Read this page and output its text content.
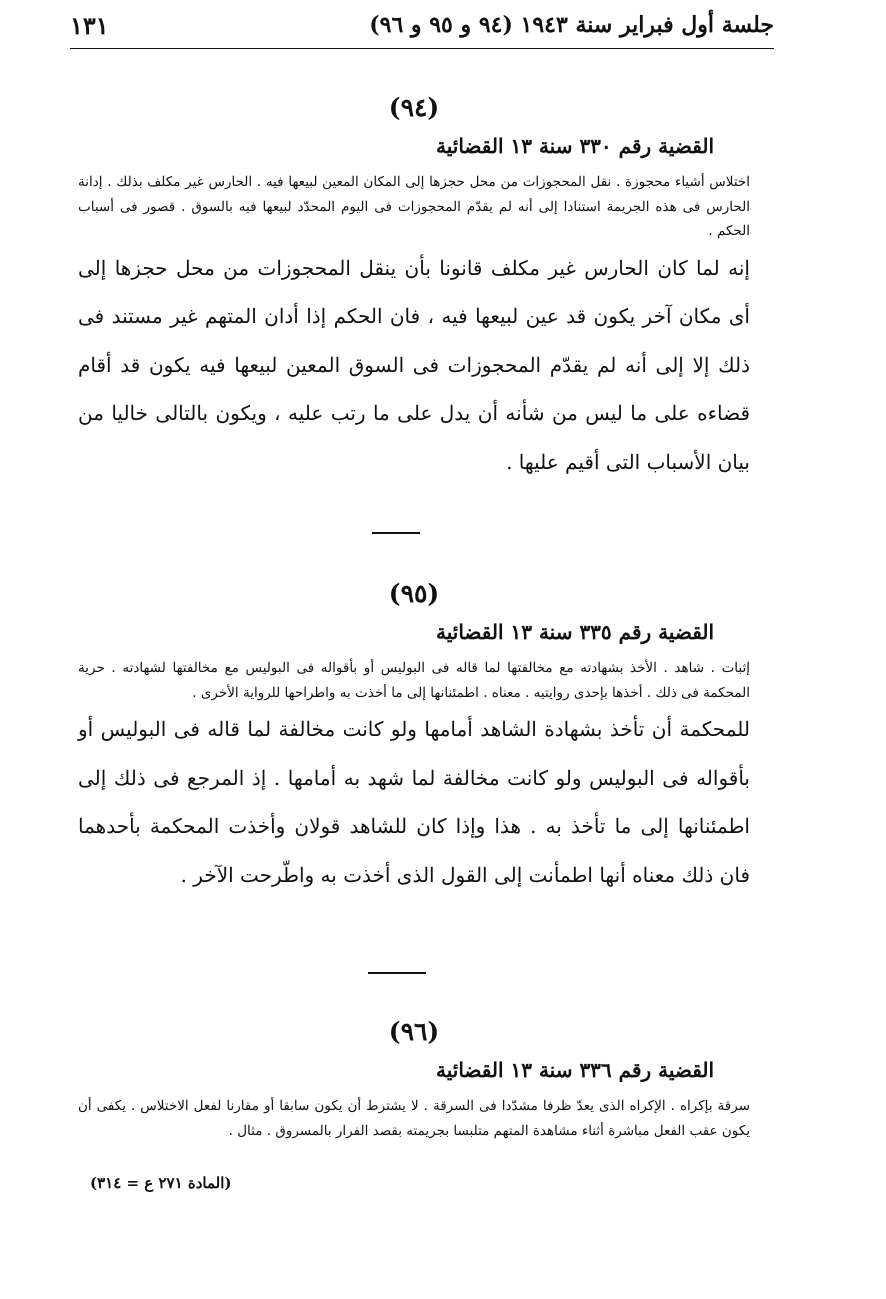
١٣١	جلسة أول فبراير سنة ١٩٤٣ (٩٤ و ٩٥ و ٩٦)
(٩٤)
القضية رقم ٣٣٠ سنة ١٣ القضائية
اختلاس أشياء محجوزة . نقل المحجوزات من محل حجزها إلى المكان المعين لبيعها فيه . الحارس غير مكلف بذلك . إدانة الحارس فى هذه الجريمة استنادا إلى أنه لم يقدّم المحجوزات فى اليوم المحدّد لبيعها فيه بالسوق . قصور فى أسباب الحكم .
إنه لما كان الحارس غير مكلف قانونا بأن ينقل المحجوزات من محل حجزها إلى أى مكان آخر يكون قد عين لبيعها فيه ، فان الحكم إذا أدان المتهم غير مستند فى ذلك إلا إلى أنه لم يقدّم المحجوزات فى السوق المعين لبيعها فيه يكون قد أقام قضاءه على ما ليس من شأنه أن يدل على ما رتب عليه ، ويكون بالتالى خاليا من بيان الأسباب التى أقيم عليها .
(٩٥)
القضية رقم ٣٣٥ سنة ١٣ القضائية
إثبات . شاهد . الأخذ بشهادته مع مخالفتها لما قاله فى البوليس أو بأقواله فى البوليس مع مخالفتها لشهادته . حرية المحكمة فى ذلك . أخذها بإحدى روايتيه . معناه . اطمئنانها إلى ما أخذت به واطراحها للرواية الأخرى .
للمحكمة أن تأخذ بشهادة الشاهد أمامها ولو كانت مخالفة لما قاله فى البوليس أو بأقواله فى البوليس ولو كانت مخالفة لما شهد به أمامها . إذ المرجع فى ذلك إلى اطمئنانها إلى ما تأخذ به . هذا وإذا كان للشاهد قولان وأخذت المحكمة بأحدهما فان ذلك معناه أنها اطمأنت إلى القول الذى أخذت به واطّرحت الآخر .
(٩٦)
القضية رقم ٣٣٦ سنة ١٣ القضائية
سرقة بإكراه . الإكراه الذى يعدّ ظرفا مشدّدا فى السرقة . لا يشترط أن يكون سابقا أو مقارنا لفعل الاختلاس . يكفى أن يكون عقب الفعل مباشرة أثناء مشاهدة المتهم متلبسا بجريمته بقصد الفرار بالمسروق . مثال .
(المادة ٢٧١ ع = ٣١٤)
